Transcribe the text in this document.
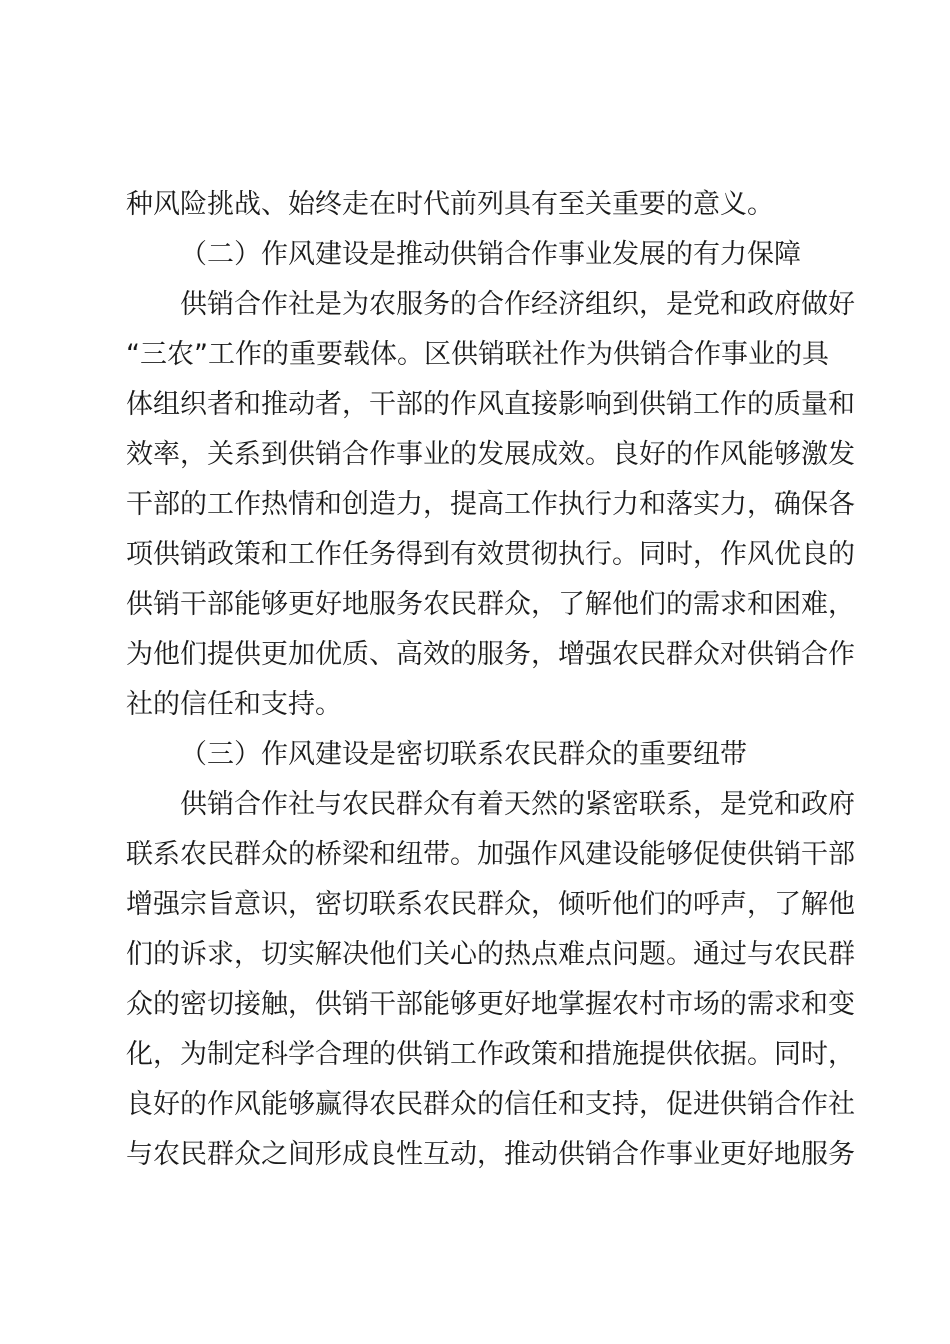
种风险挑战、始终走在时代前列具有至关重要的意义。
（二）作风建设是推动供销合作事业发展的有力保障
供销合作社是为农服务的合作经济组织，是党和政府做好
“三农”工作的重要载体。区供销联社作为供销合作事业的具
体组织者和推动者，干部的作风直接影响到供销工作的质量和
效率，关系到供销合作事业的发展成效。良好的作风能够激发
干部的工作热情和创造力，提高工作执行力和落实力，确保各
项供销政策和工作任务得到有效贯彻执行。同时，作风优良的
供销干部能够更好地服务农民群众，了解他们的需求和困难，
为他们提供更加优质、高效的服务，增强农民群众对供销合作
社的信任和支持。
（三）作风建设是密切联系农民群众的重要纽带
供销合作社与农民群众有着天然的紧密联系，是党和政府
联系农民群众的桥梁和纽带。加强作风建设能够促使供销干部
增强宗旨意识，密切联系农民群众，倾听他们的呼声，了解他
们的诉求，切实解决他们关心的热点难点问题。通过与农民群
众的密切接触，供销干部能够更好地掌握农村市场的需求和变
化，为制定科学合理的供销工作政策和措施提供依据。同时，
良好的作风能够赢得农民群众的信任和支持，促进供销合作社
与农民群众之间形成良性互动，推动供销合作事业更好地服务
